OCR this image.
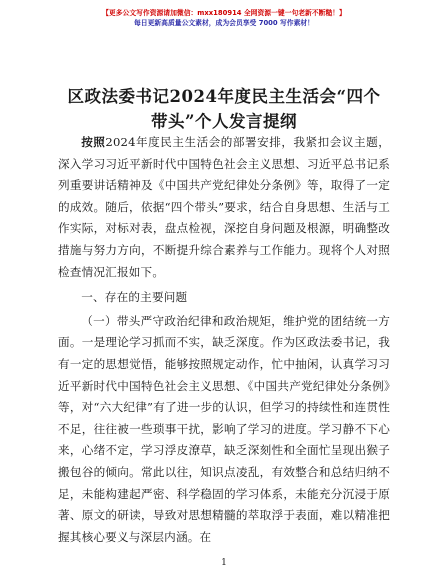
【更多公文写作资源请加微信：mxx180914 全网资源一键一句老新不断糙！】
每日更新高质量公文素材，成为会员享受 7000 写作素材！
区政法委书记2024年度民主生活会“四个带头”个人发言提纲

按照2024年度民主生活会的部署安排，我紧扣会议主题，深入学习习近平新时代中国特色社会主义思想、习近平总书记系列重要讲话精神及《中国共产党纪律处分条例》等，取得了一定的成效。随后，依据“四个带头”要求，结合自身思想、生活与工作实际，对标对表，盘点检视，深挖自身问题及根源，明确整改措施与努力方向，不断提升综合素养与工作能力。现将个人对照检查情况汇报如下。

一、存在的主要问题

（一）带头严守政治纪律和政治规矩，维护党的团结统一方面。一是理论学习抓而不实，缺乏深度。作为区政法委书记，我有一定的思想觉悟，能够按照规定动作，忙中抽闲，认真学习习近平新时代中国特色社会主义思想、《中国共产党纪律处分条例》等，对“六大纪律”有了进一步的认识，但学习的持续性和连贯性不足，往往被一些琐事干扰，影响了学习的进度。学习静不下心来，心绪不定，学习浮皮潦草，缺乏深刻性和全面忙呈现出猴子搬包谷的倾向。常此以往，知识点凌乱，有效整合和总结归纳不足，未能构建起严密、科学稳固的学习体系，未能充分沉浸于原著、原文的研读，导致对思想精髓的萃取浮于表面，难以精准把握其核心要义与深层内涵。在

1
